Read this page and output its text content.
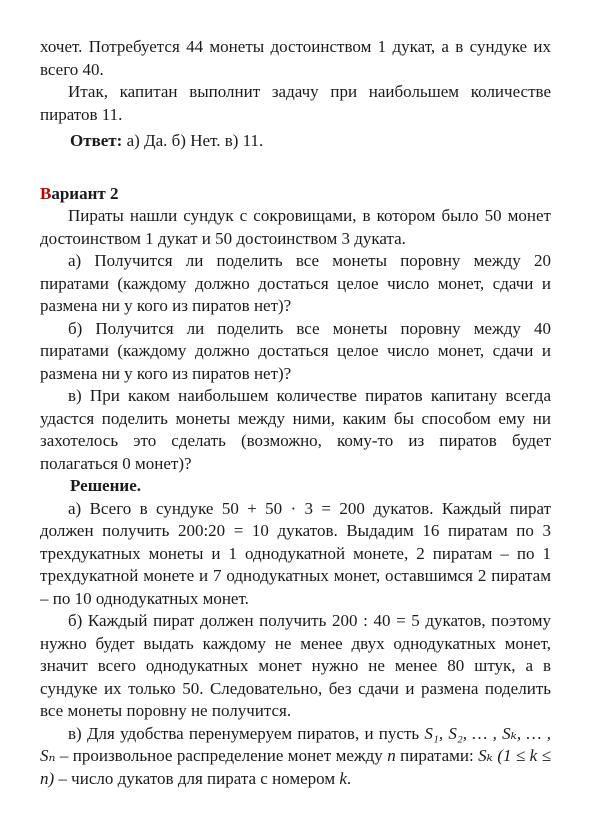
хочет. Потребуется 44 монеты достоинством 1 дукат, а в сундуке их всего 40.

Итак, капитан выполнит задачу при наибольшем количестве пиратов 11.

Ответ: а) Да. б) Нет. в) 11.

Вариант 2

Пираты нашли сундук с сокровищами, в котором было 50 монет достоинством 1 дукат и 50 достоинством 3 дуката.

а) Получится ли поделить все монеты поровну между 20 пиратами (каждому должно достаться целое число монет, сдачи и размена ни у кого из пиратов нет)?

б) Получится ли поделить все монеты поровну между 40 пиратами (каждому должно достаться целое число монет, сдачи и размена ни у кого из пиратов нет)?

в) При каком наибольшем количестве пиратов капитану всегда удастся поделить монеты между ними, каким бы способом ему ни захотелось это сделать (возможно, кому-то из пиратов будет полагаться 0 монет)?

Решение.

а) Всего в сундуке 50 + 50 · 3 = 200 дукатов. Каждый пират должен получить 200:20 = 10 дукатов. Выдадим 16 пиратам по 3 трехдукатных монеты и 1 однодукатной монете, 2 пиратам – по 1 трехдукатной монете и 7 однодукатных монет, оставшимся 2 пиратам – по 10 однодукатных монет.

б) Каждый пират должен получить 200 : 40 = 5 дукатов, поэтому нужно будет выдать каждому не менее двух однодукатных монет, значит всего однодукатных монет нужно не менее 80 штук, а в сундуке их только 50. Следовательно, без сдачи и размена поделить все монеты поровну не получится.

в) Для удобства перенумеруем пиратов, и пусть S₁, S₂, … , Sₖ, … , Sₙ – произвольное распределение монет между n пиратами: Sₖ (1 ≤ k ≤ n) – число дукатов для пирата с номером k.
